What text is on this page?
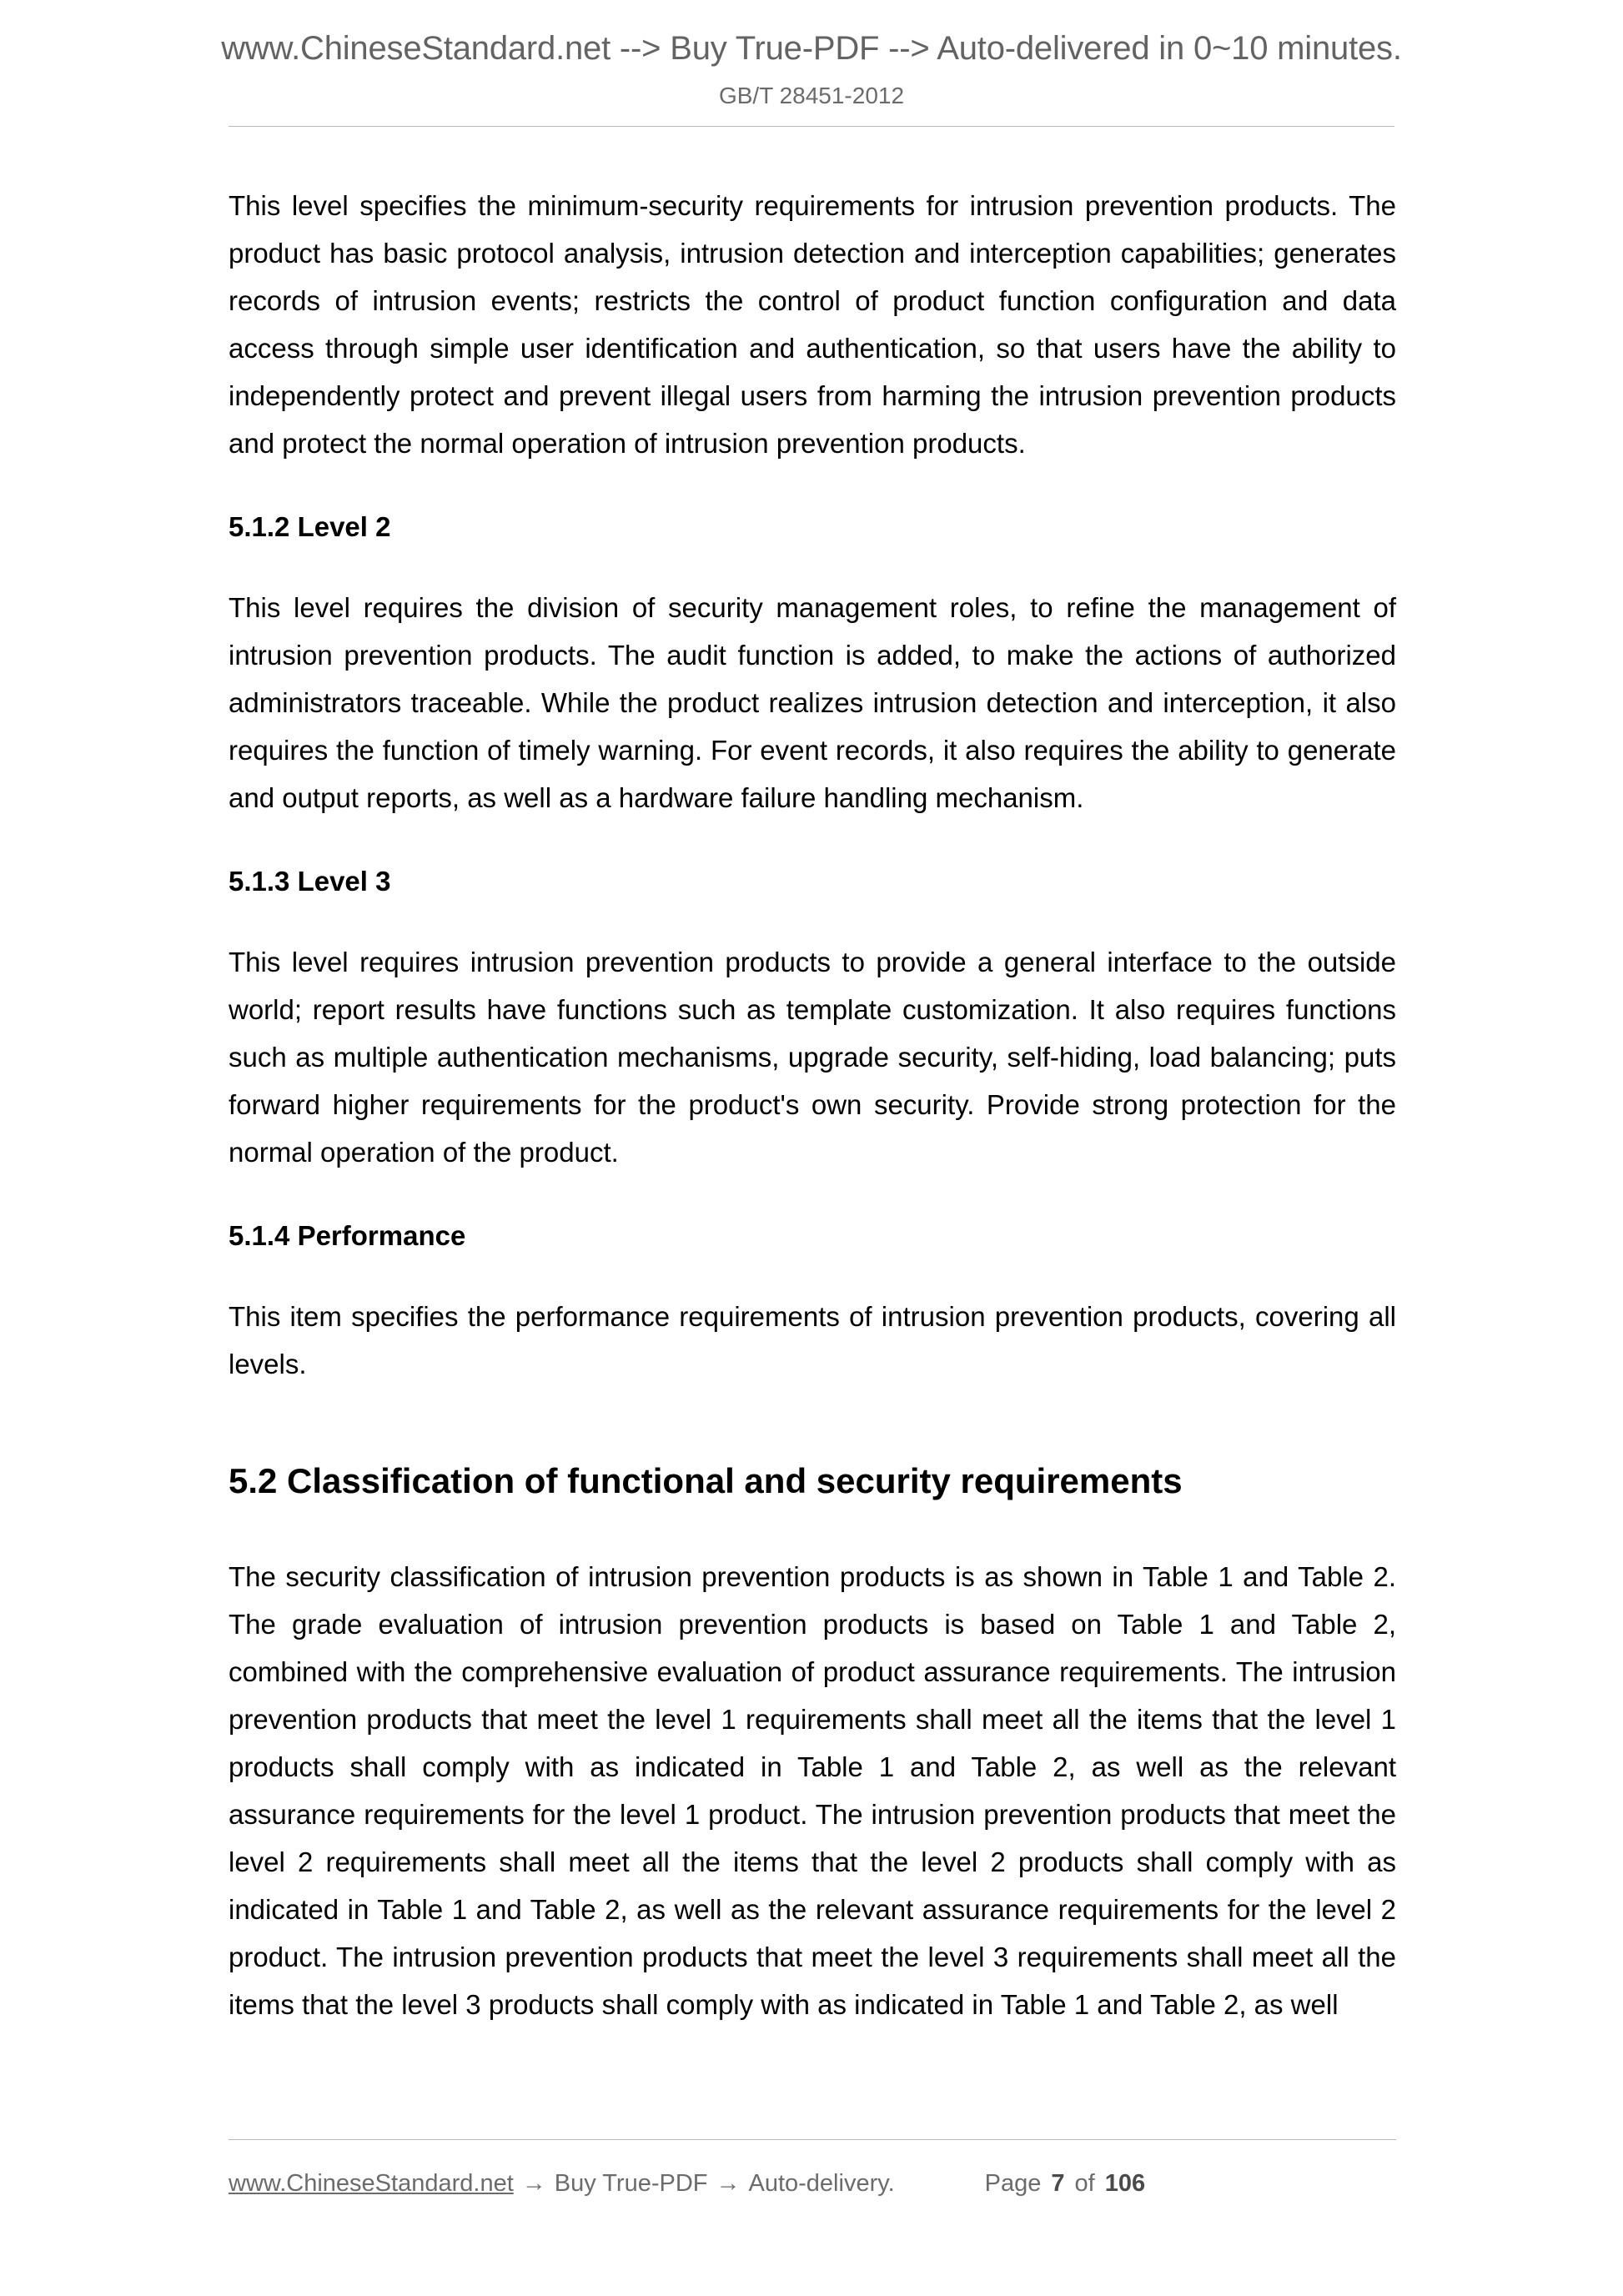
www.ChineseStandard.net --> Buy True-PDF --> Auto-delivered in 0~10 minutes.
GB/T 28451-2012

This level specifies the minimum-security requirements for intrusion prevention products. The product has basic protocol analysis, intrusion detection and interception capabilities; generates records of intrusion events; restricts the control of product function configuration and data access through simple user identification and authentication, so that users have the ability to independently protect and prevent illegal users from harming the intrusion prevention products and protect the normal operation of intrusion prevention products.

5.1.2 Level 2

This level requires the division of security management roles, to refine the management of intrusion prevention products. The audit function is added, to make the actions of authorized administrators traceable. While the product realizes intrusion detection and interception, it also requires the function of timely warning. For event records, it also requires the ability to generate and output reports, as well as a hardware failure handling mechanism.

5.1.3 Level 3

This level requires intrusion prevention products to provide a general interface to the outside world; report results have functions such as template customization. It also requires functions such as multiple authentication mechanisms, upgrade security, self-hiding, load balancing; puts forward higher requirements for the product's own security. Provide strong protection for the normal operation of the product.

5.1.4 Performance

This item specifies the performance requirements of intrusion prevention products, covering all levels.

5.2 Classification of functional and security requirements

The security classification of intrusion prevention products is as shown in Table 1 and Table 2. The grade evaluation of intrusion prevention products is based on Table 1 and Table 2, combined with the comprehensive evaluation of product assurance requirements. The intrusion prevention products that meet the level 1 requirements shall meet all the items that the level 1 products shall comply with as indicated in Table 1 and Table 2, as well as the relevant assurance requirements for the level 1 product. The intrusion prevention products that meet the level 2 requirements shall meet all the items that the level 2 products shall comply with as indicated in Table 1 and Table 2, as well as the relevant assurance requirements for the level 2 product. The intrusion prevention products that meet the level 3 requirements shall meet all the items that the level 3 products shall comply with as indicated in Table 1 and Table 2, as well

www.ChineseStandard.net → Buy True-PDF → Auto-delivery.	Page 7 of 106
